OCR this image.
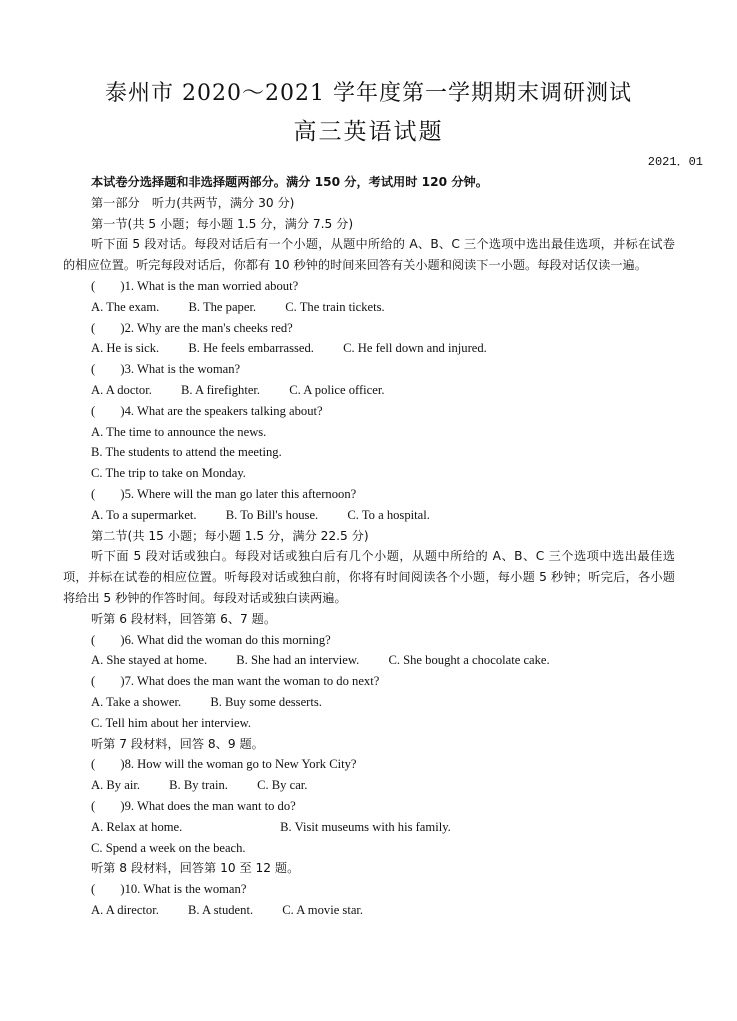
泰州市 2020～2021 学年度第一学期期末调研测试
高三英语试题
2021．01
本试卷分选择题和非选择题两部分。满分 150 分，考试用时 120 分钟。
第一部分　听力(共两节，满分 30 分)
第一节(共 5 小题；每小题 1.5 分，满分 7.5 分)
听下面 5 段对话。每段对话后有一个小题，从题中所给的 A、B、C 三个选项中选出最佳选项，并标在试卷的相应位置。听完每段对话后，你都有 10 秒钟的时间来回答有关小题和阅读下一小题。每段对话仅读一遍。
(　　)1. What is the man worried about?
A. The exam. B. The paper. C. The train tickets.
(　　)2. Why are the man's cheeks red?
A. He is sick. B. He feels embarrassed. C. He fell down and injured.
(　　)3. What is the woman?
A. A doctor. B. A firefighter. C. A police officer.
(　　)4. What are the speakers talking about?
A. The time to announce the news.
B. The students to attend the meeting.
C. The trip to take on Monday.
(　　)5. Where will the man go later this afternoon?
A. To a supermarket. B. To Bill's house. C. To a hospital.
第二节(共 15 小题；每小题 1.5 分，满分 22.5 分)
听下面 5 段对话或独白。每段对话或独白后有几个小题，从题中所给的 A、B、C 三个选项中选出最佳选项，并标在试卷的相应位置。听每段对话或独白前，你将有时间阅读各个小题，每小题 5 秒钟；听完后，各小题将给出 5 秒钟的作答时间。每段对话或独白读两遍。
听第 6 段材料，回答第 6、7 题。
(　　)6. What did the woman do this morning?
A. She stayed at home. B. She had an interview. C. She bought a chocolate cake.
(　　)7. What does the man want the woman to do next?
A. Take a shower. B. Buy some desserts.
C. Tell him about her interview.
听第 7 段材料，回答 8、9 题。
(　　)8. How will the woman go to New York City?
A. By air. B. By train. C. By car.
(　　)9. What does the man want to do?
A. Relax at home.	B. Visit museums with his family.
C. Spend a week on the beach.
听第 8 段材料，回答第 10 至 12 题。
(　　)10. What is the woman?
A. A director. B. A student. C. A movie star.
